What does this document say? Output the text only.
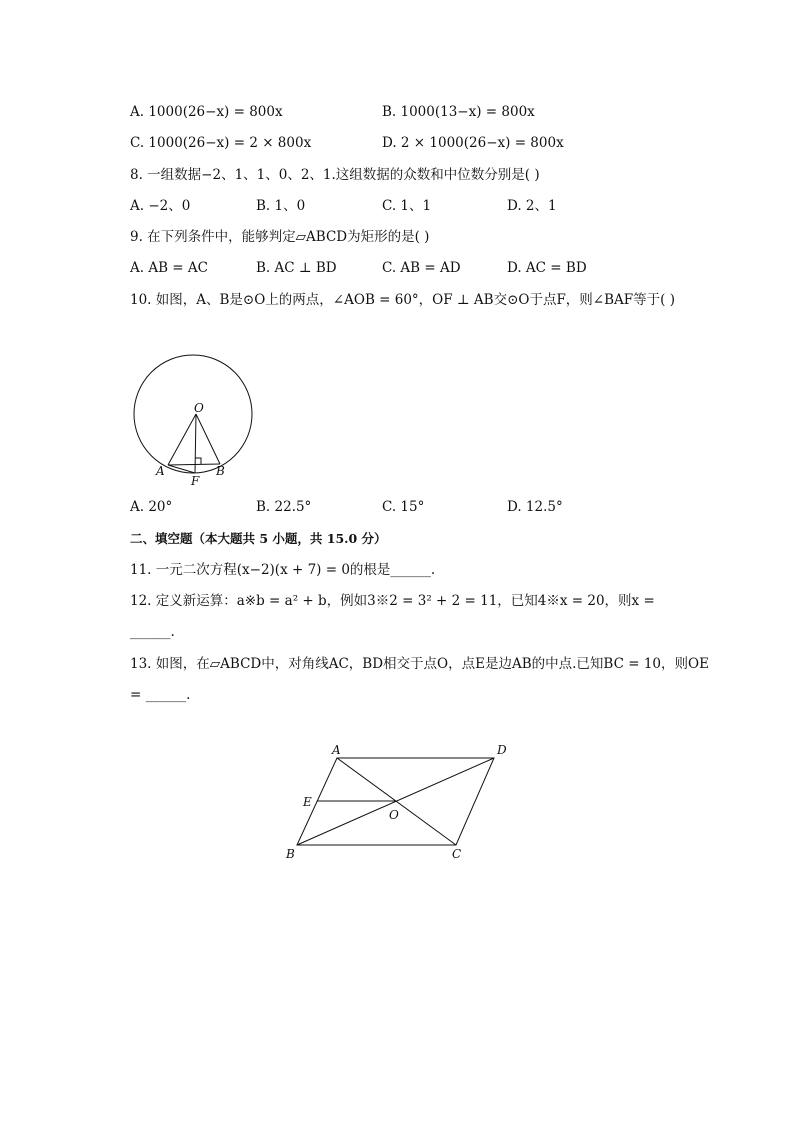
A. 1000(26−x) = 800x	B. 1000(13−x) = 800x
C. 1000(26−x) = 2 × 800x	D. 2 × 1000(26−x) = 800x
8. 一组数据−2、1、1、0、2、1.这组数据的众数和中位数分别是( )
A. −2、0	B. 1、0	C. 1、1	D. 2、1
9. 在下列条件中，能够判定▱ABCD为矩形的是( )
A. AB = AC	B. AC ⊥ BD	C. AB = AD	D. AC = BD
10. 如图，A、B是⊙O上的两点，∠AOB = 60°，OF ⊥ AB交⊙O于点F，则∠BAF等于( )
O
A	B
F
A. 20°	B. 22.5°	C. 15°	D. 12.5°
二、填空题（本大题共 5 小题，共 15.0 分）
11. 一元二次方程(x−2)(x + 7) = 0的根是______.
12. 定义新运算：a※b = a² + b，例如3※2 = 3² + 2 = 11，已知4※x = 20，则x =
______.
13. 如图，在▱ABCD中，对角线AC，BD相交于点O，点E是边AB的中点.已知BC = 10，则OE
= ______.
A	D
E
O
B	C
